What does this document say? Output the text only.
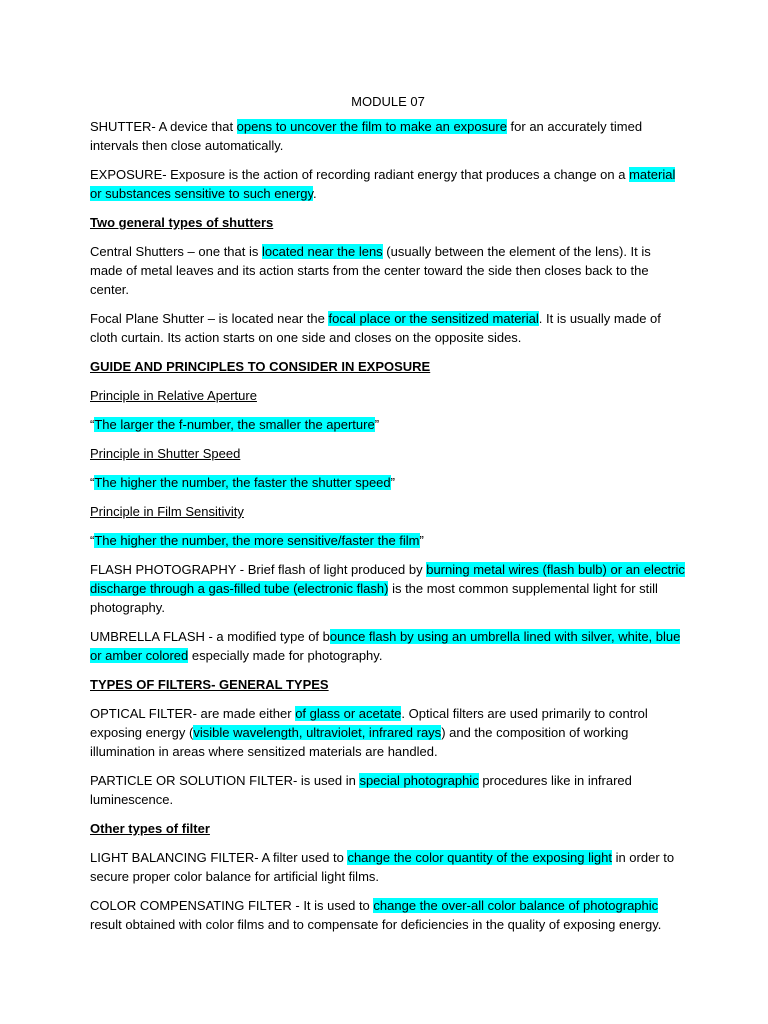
MODULE 07

SHUTTER- A device that opens to uncover the film to make an exposure for an accurately timed intervals then close automatically.

EXPOSURE- Exposure is the action of recording radiant energy that produces a change on a material or substances sensitive to such energy.

Two general types of shutters

Central Shutters – one that is located near the lens (usually between the element of the lens). It is made of metal leaves and its action starts from the center toward the side then closes back to the center.

Focal Plane Shutter – is located near the focal place or the sensitized material. It is usually made of cloth curtain. Its action starts on one side and closes on the opposite sides.

GUIDE AND PRINCIPLES TO CONSIDER IN EXPOSURE

Principle in Relative Aperture

“The larger the f-number, the smaller the aperture”

Principle in Shutter Speed

“The higher the number, the faster the shutter speed”

Principle in Film Sensitivity

“The higher the number, the more sensitive/faster the film”

FLASH PHOTOGRAPHY - Brief flash of light produced by burning metal wires (flash bulb) or an electric discharge through a gas-filled tube (electronic flash) is the most common supplemental light for still photography.

UMBRELLA FLASH - a modified type of bounce flash by using an umbrella lined with silver, white, blue or amber colored especially made for photography.

TYPES OF FILTERS- GENERAL TYPES

OPTICAL FILTER- are made either of glass or acetate. Optical filters are used primarily to control exposing energy (visible wavelength, ultraviolet, infrared rays) and the composition of working illumination in areas where sensitized materials are handled.

PARTICLE OR SOLUTION FILTER- is used in special photographic procedures like in infrared luminescence.

Other types of filter

LIGHT BALANCING FILTER- A filter used to change the color quantity of the exposing light in order to secure proper color balance for artificial light films.

COLOR COMPENSATING FILTER - It is used to change the over-all color balance of photographic result obtained with color films and to compensate for deficiencies in the quality of exposing energy.
